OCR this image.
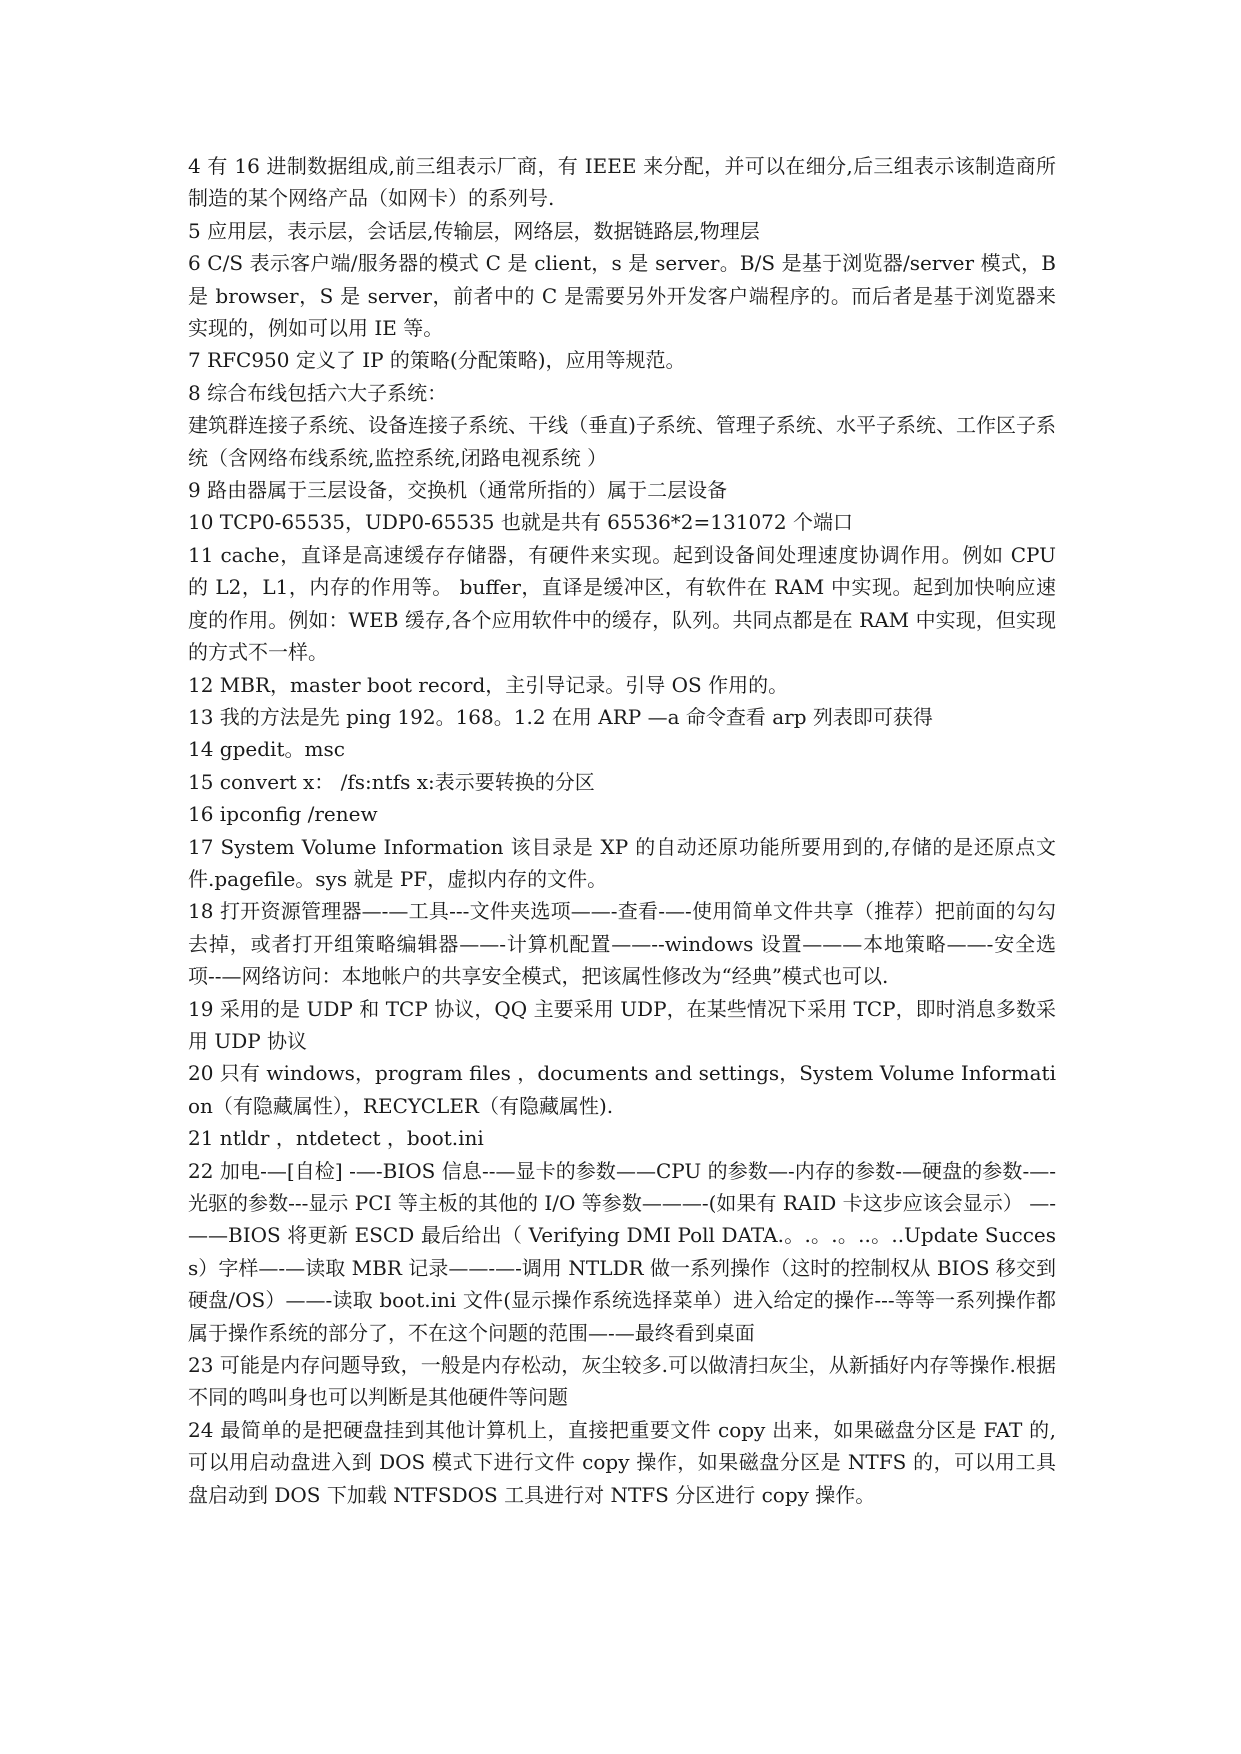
4 有 16 进制数据组成,前三组表示厂商，有 IEEE 来分配，并可以在细分,后三组表示该制造商所制造的某个网络产品（如网卡）的系列号.

5 应用层，表示层，会话层,传输层，网络层，数据链路层,物理层

6 C/S 表示客户端/服务器的模式 C 是 client，s 是 server。B/S 是基于浏览器/server 模式，B 是 browser，S 是 server，前者中的 C 是需要另外开发客户端程序的。而后者是基于浏览器来实现的，例如可以用 IE 等。

7 RFC950 定义了 IP 的策略(分配策略)，应用等规范。

8 综合布线包括六大子系统：

建筑群连接子系统、设备连接子系统、干线（垂直)子系统、管理子系统、水平子系统、工作区子系统（含网络布线系统,监控系统,闭路电视系统 ）

9 路由器属于三层设备，交换机（通常所指的）属于二层设备

10 TCP0-65535，UDP0-65535 也就是共有 65536*2=131072 个端口

11 cache，直译是高速缓存存储器，有硬件来实现。起到设备间处理速度协调作用。例如 CPU 的 L2，L1，内存的作用等。 buffer，直译是缓冲区，有软件在 RAM 中实现。起到加快响应速度的作用。例如：WEB 缓存,各个应用软件中的缓存，队列。共同点都是在 RAM 中实现，但实现的方式不一样。

12 MBR，master boot record，主引导记录。引导 OS 作用的。

13 我的方法是先 ping 192。168。1.2 在用 ARP —a 命令查看 arp 列表即可获得

14 gpedit。msc

15 convert x： /fs:ntfs x:表示要转换的分区

16 ipconfig /renew

17 System Volume Information 该目录是 XP 的自动还原功能所要用到的,存储的是还原点文件.pagefile。sys 就是 PF，虚拟内存的文件。

18 打开资源管理器—-—工具---文件夹选项——-查看-—-使用简单文件共享（推荐）把前面的勾勾去掉，或者打开组策略编辑器——-计算机配置——--windows 设置———本地策略——-安全选项--—网络访问：本地帐户的共享安全模式，把该属性修改为“经典”模式也可以.

19 采用的是 UDP 和 TCP 协议，QQ 主要采用 UDP，在某些情况下采用 TCP，即时消息多数采用 UDP 协议

20 只有 windows，program files ，documents and settings，System Volume Information（有隐藏属性），RECYCLER（有隐藏属性).

21 ntldr ，ntdetect ，boot.ini

22 加电-—[自检] -—-BIOS 信息--—显卡的参数——CPU 的参数—-内存的参数-—硬盘的参数-—-光驱的参数---显示 PCI 等主板的其他的 I/O 等参数———-(如果有 RAID 卡这步应该会显示） —-——BIOS 将更新 ESCD 最后给出（ Verifying DMI Poll DATA.。.。.。..。..Update Success）字样—-—读取 MBR 记录——-—-调用 NTLDR 做一系列操作（这时的控制权从 BIOS 移交到硬盘/OS）——-读取 boot.ini 文件(显示操作系统选择菜单）进入给定的操作---等等一系列操作都属于操作系统的部分了，不在这个问题的范围—-—最终看到桌面

23 可能是内存问题导致，一般是内存松动，灰尘较多.可以做清扫灰尘，从新插好内存等操作.根据不同的鸣叫身也可以判断是其他硬件等问题

24 最简单的是把硬盘挂到其他计算机上，直接把重要文件 copy 出来，如果磁盘分区是 FAT 的,可以用启动盘进入到 DOS 模式下进行文件 copy 操作，如果磁盘分区是 NTFS 的，可以用工具盘启动到 DOS 下加载 NTFSDOS 工具进行对 NTFS 分区进行 copy 操作。
